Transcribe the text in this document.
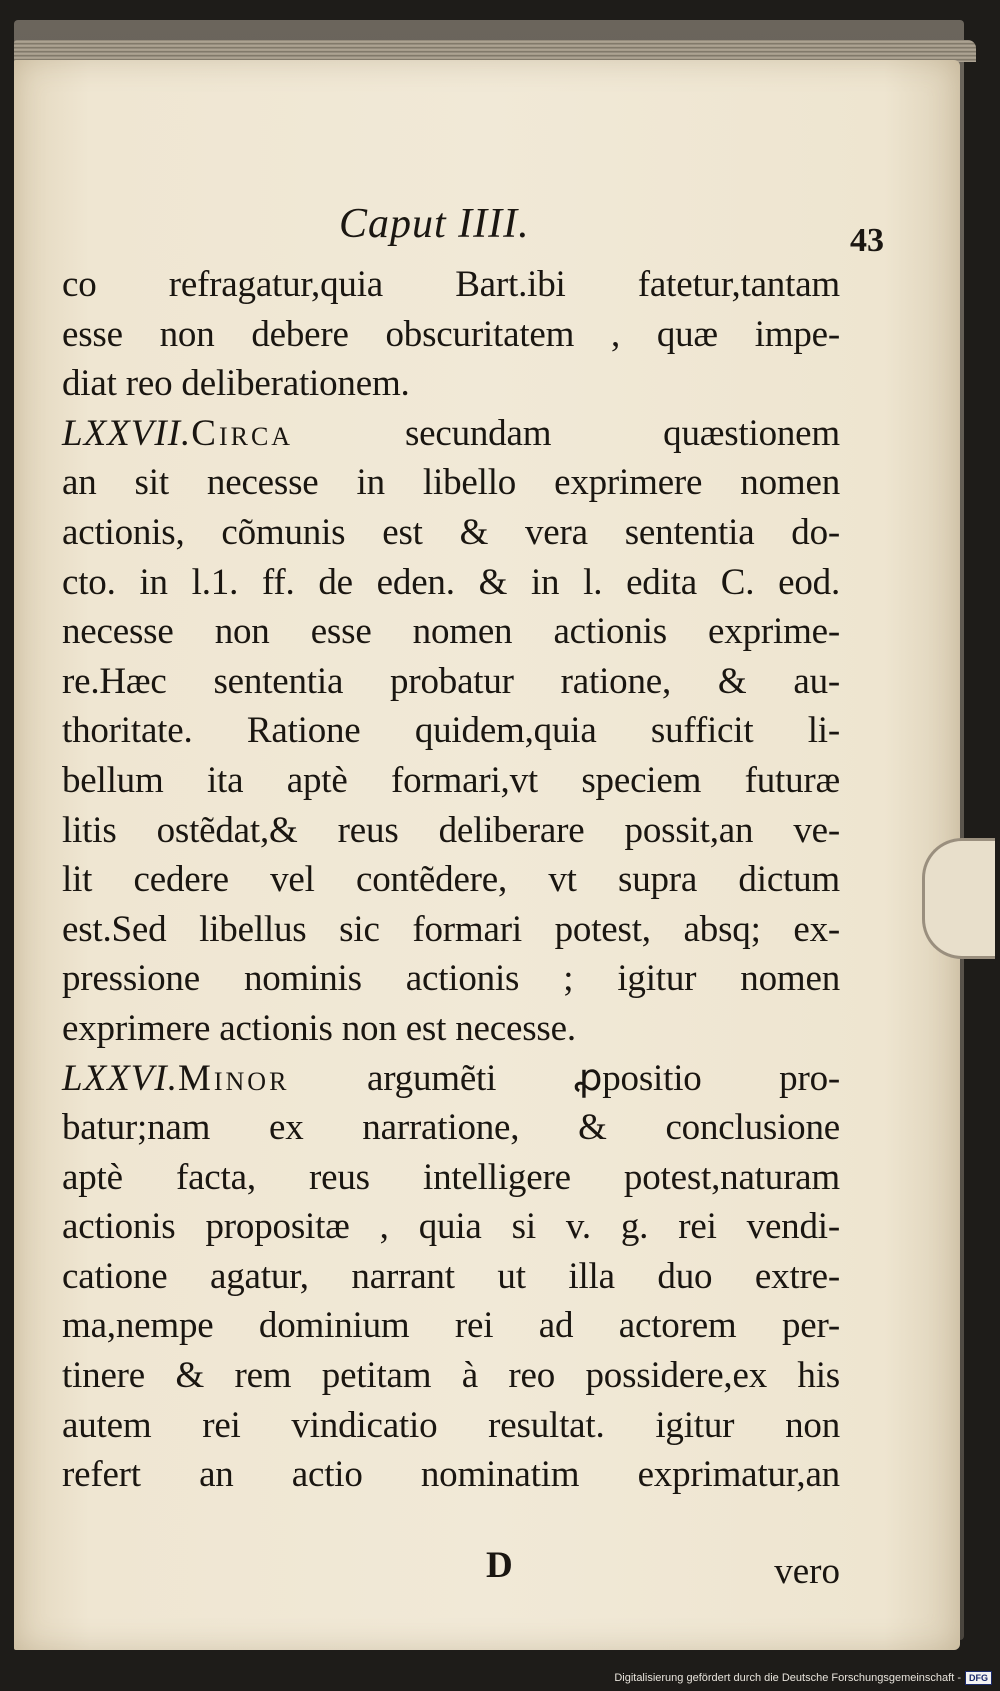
Caput IIII.	43
co refragatur,quia Bart.ibi fatetur,tantam
esse non debere obscuritatem , quæ impe-
diat reo deliberationem.
LXXVII.Circa secundam quæstionem
an sit necesse in libello exprimere nomen
actionis, cõmunis est & vera sententia do-
cto. in l.1. ff. de eden. & in l. edita C. eod.
necesse non esse nomen actionis exprime-
re.Hæc sententia probatur ratione, & au-
thoritate. Ratione quidem,quia sufficit li-
bellum ita aptè formari,vt speciem futuræ
litis ostẽdat,& reus deliberare possit,an ve-
lit cedere vel contẽdere, vt supra dictum
est.Sed libellus sic formari potest, absq; ex-
pressione nominis actionis ; igitur nomen
exprimere actionis non est necesse.
LXXVI.Minor argumẽti ꝓpositio pro-
batur;nam ex narratione, & conclusione
aptè facta, reus intelligere potest,naturam
actionis propositæ , quia si v. g. rei vendi-
catione agatur, narrant ut illa duo extre-
ma,nempe dominium rei ad actorem per-
tinere & rem petitam à reo possidere,ex his
autem rei vindicatio resultat. igitur non
refert an actio nominatim exprimatur,an
D	vero
Digitalisierung gefördert durch die Deutsche Forschungsgemeinschaft - DFG
